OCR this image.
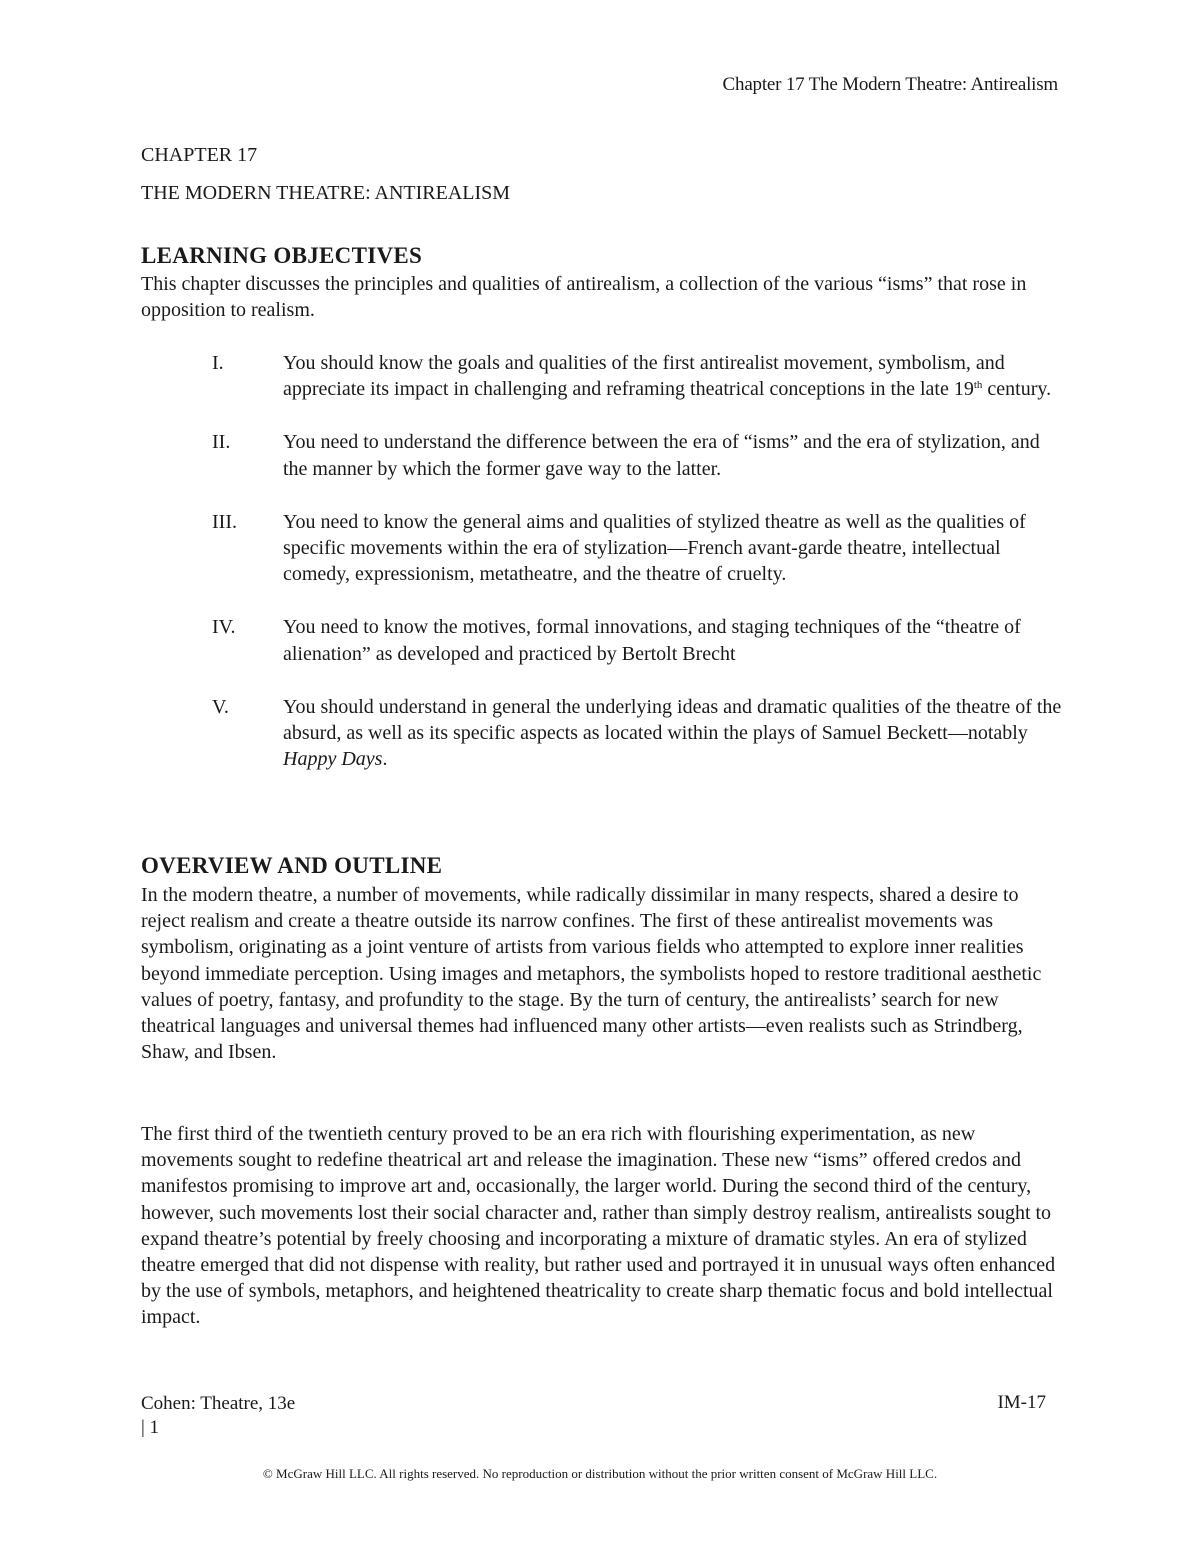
Chapter 17 The Modern Theatre: Antirealism
CHAPTER 17
THE MODERN THEATRE: ANTIREALISM
LEARNING OBJECTIVES

This chapter discusses the principles and qualities of antirealism, a collection of the various “isms” that rose in opposition to realism.

I.	You should know the goals and qualities of the first antirealist movement, symbolism, and appreciate its impact in challenging and reframing theatrical conceptions in the late 19th century.
II.	You need to understand the difference between the era of “isms” and the era of stylization, and the manner by which the former gave way to the latter.
III. You need to know the general aims and qualities of stylized theatre as well as the qualities of specific movements within the era of stylization—French avant-garde theatre, intellectual comedy, expressionism, metatheatre, and the theatre of cruelty.
IV. You need to know the motives, formal innovations, and staging techniques of the “theatre of alienation” as developed and practiced by Bertolt Brecht
V.	You should understand in general the underlying ideas and dramatic qualities of the theatre of the absurd, as well as its specific aspects as located within the plays of Samuel Beckett—notably Happy Days.
OVERVIEW AND OUTLINE

In the modern theatre, a number of movements, while radically dissimilar in many respects, shared a desire to reject realism and create a theatre outside its narrow confines. The first of these antirealist movements was symbolism, originating as a joint venture of artists from various fields who attempted to explore inner realities beyond immediate perception. Using images and metaphors, the symbolists hoped to restore traditional aesthetic values of poetry, fantasy, and profundity to the stage. By the turn of century, the antirealists’ search for new theatrical languages and universal themes had influenced many other artists—even realists such as Strindberg, Shaw, and Ibsen.

The first third of the twentieth century proved to be an era rich with flourishing experimentation, as new movements sought to redefine theatrical art and release the imagination. These new “isms” offered credos and manifestos promising to improve art and, occasionally, the larger world. During the second third of the century, however, such movements lost their social character and, rather than simply destroy realism, antirealists sought to expand theatre’s potential by freely choosing and incorporating a mixture of dramatic styles. An era of stylized theatre emerged that did not dispense with reality, but rather used and portrayed it in unusual ways often enhanced by the use of symbols, metaphors, and heightened theatricality to create sharp thematic focus and bold intellectual impact.

Cohen: Theatre, 13e
| 1
IM-17
© McGraw Hill LLC. All rights reserved. No reproduction or distribution without the prior written consent of McGraw Hill LLC.
